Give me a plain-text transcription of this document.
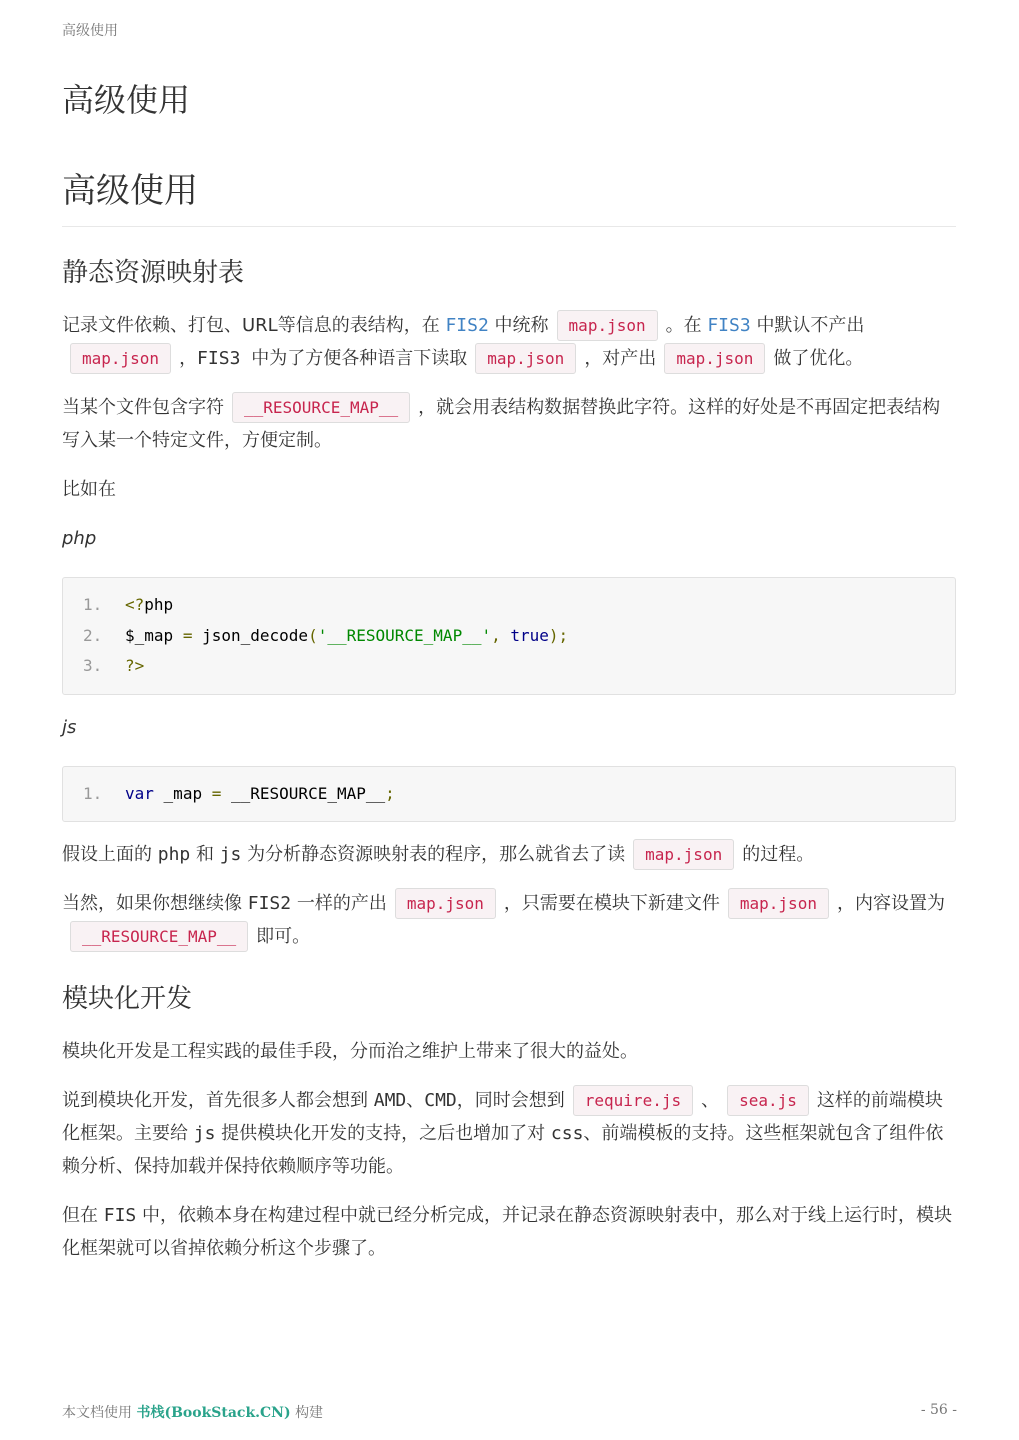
高级使用
高级使用
高级使用
静态资源映射表

记录文件依赖、打包、URL等信息的表结构，在 FIS2 中统称 map.json 。在 FIS3 中默认不产出map.json ，FIS3 中为了方便各种语言下读取 map.json ，对产出 map.json 做了优化。

当某个文件包含字符 __RESOURCE_MAP__ ，就会用表结构数据替换此字符。这样的好处是不再固定把表结构写入某一个特定文件，方便定制。

比如在

php

1. <?php
2. $_map = json_decode('__RESOURCE_MAP__', true);
3. ?>

js

1. var _map = __RESOURCE_MAP__;

假设上面的 php 和 js 为分析静态资源映射表的程序，那么就省去了读 map.json 的过程。

当然，如果你想继续像 FIS2 一样的产出 map.json ，只需要在模块下新建文件 map.json ，内容设置为__RESOURCE_MAP__ 即可。

模块化开发

模块化开发是工程实践的最佳手段，分而治之维护上带来了很大的益处。

说到模块化开发，首先很多人都会想到 AMD、CMD，同时会想到 require.js 、 sea.js 这样的前端模块化框架。主要给 js 提供模块化开发的支持，之后也增加了对 css、前端模板的支持。这些框架就包含了组件依赖分析、保持加载并保持依赖顺序等功能。

但在 FIS 中，依赖本身在构建过程中就已经分析完成，并记录在静态资源映射表中，那么对于线上运行时，模块化框架就可以省掉依赖分析这个步骤了。

本文档使用 书栈(BookStack.CN) 构建	- 56 -
